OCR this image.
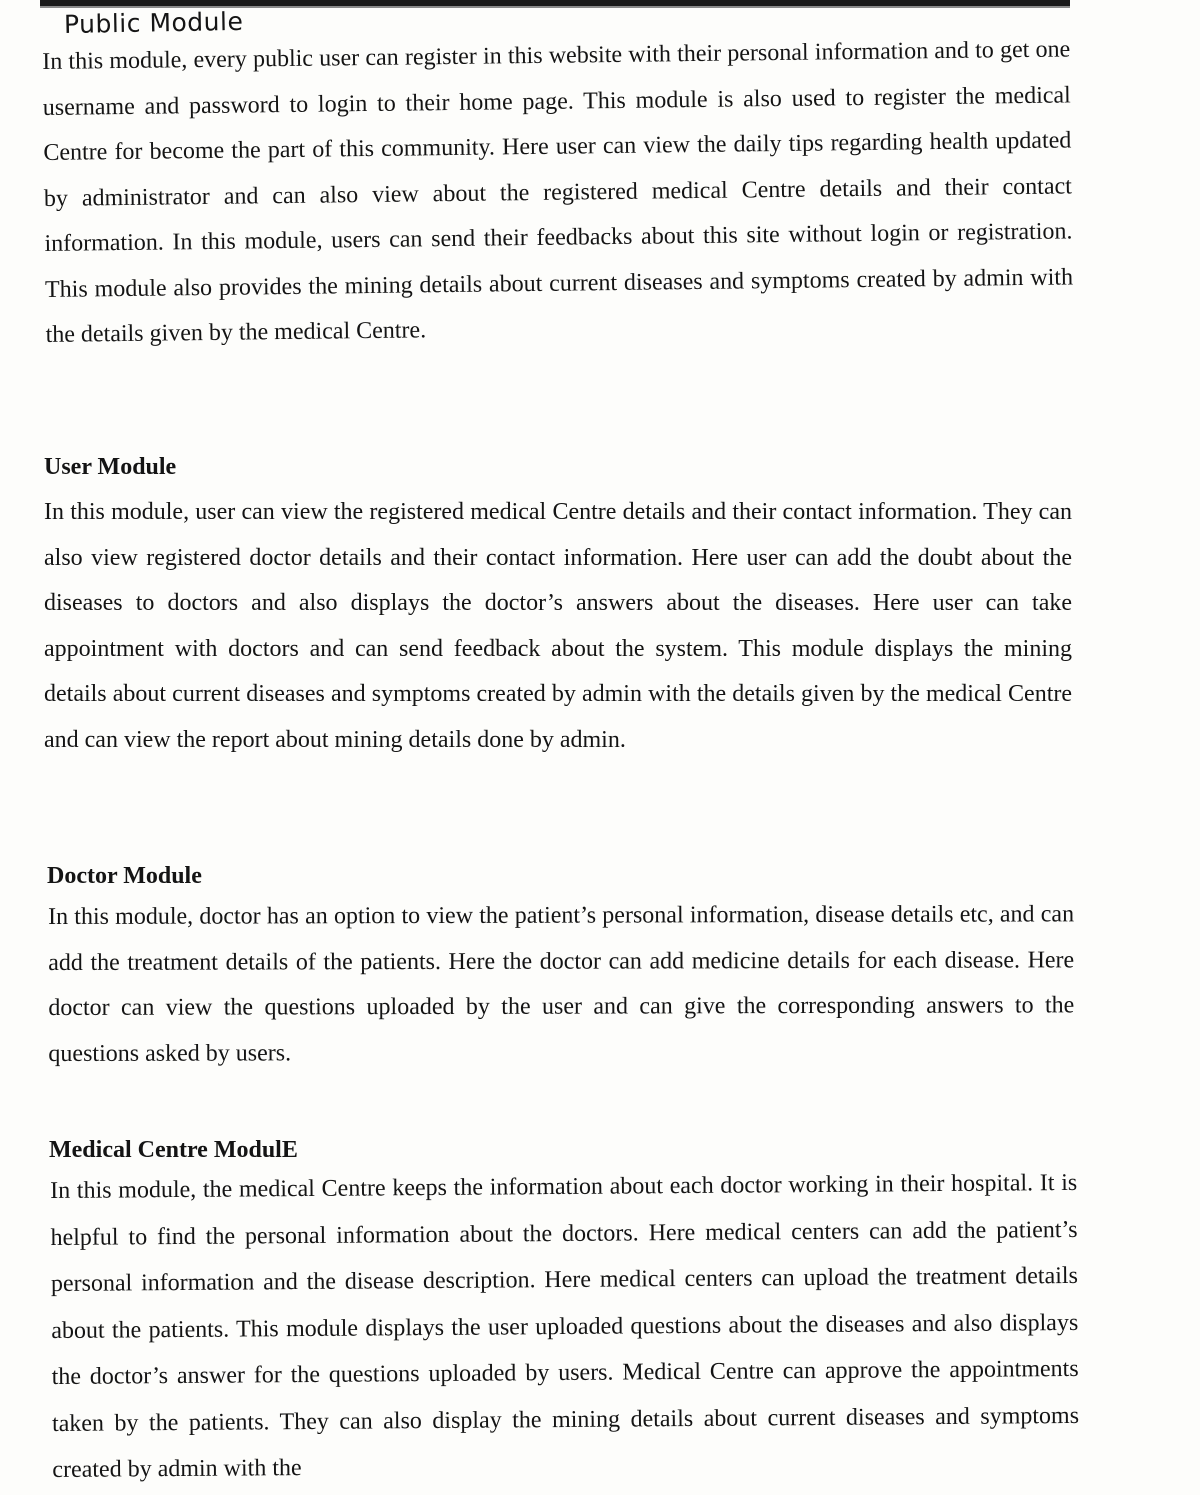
Public Module
In this module, every public user can register in this website with their personal information and to get one username and password to login to their home page. This module is also used to register the medical Centre for become the part of this community. Here user can view the daily tips regarding health updated by administrator and can also view about the registered medical Centre details and their contact information. In this module, users can send their feedbacks about this site without login or registration. This module also provides the mining details about current diseases and symptoms created by admin with the details given by the medical Centre.
User Module
In this module, user can view the registered medical Centre details and their contact information. They can also view registered doctor details and their contact information. Here user can add the doubt about the diseases to doctors and also displays the doctor’s answers about the diseases. Here user can take appointment with doctors and can send feedback about the system. This module displays the mining details about current diseases and symptoms created by admin with the details given by the medical Centre and can view the report about mining details done by admin.
Doctor Module
In this module, doctor has an option to view the patient’s personal information, disease details etc, and can add the treatment details of the patients. Here the doctor can add medicine details for each disease. Here doctor can view the questions uploaded by the user and can give the corresponding answers to the questions asked by users.
Medical Centre ModulE
In this module, the medical Centre keeps the information about each doctor working in their hospital. It is helpful to find the personal information about the doctors. Here medical centers can add the patient’s personal information and the disease description. Here medical centers can upload the treatment details about the patients. This module displays the user uploaded questions about the diseases and also displays the doctor’s answer for the questions uploaded by users. Medical Centre can approve the appointments taken by the patients. They can also display the mining details about current diseases and symptoms created by admin with the
